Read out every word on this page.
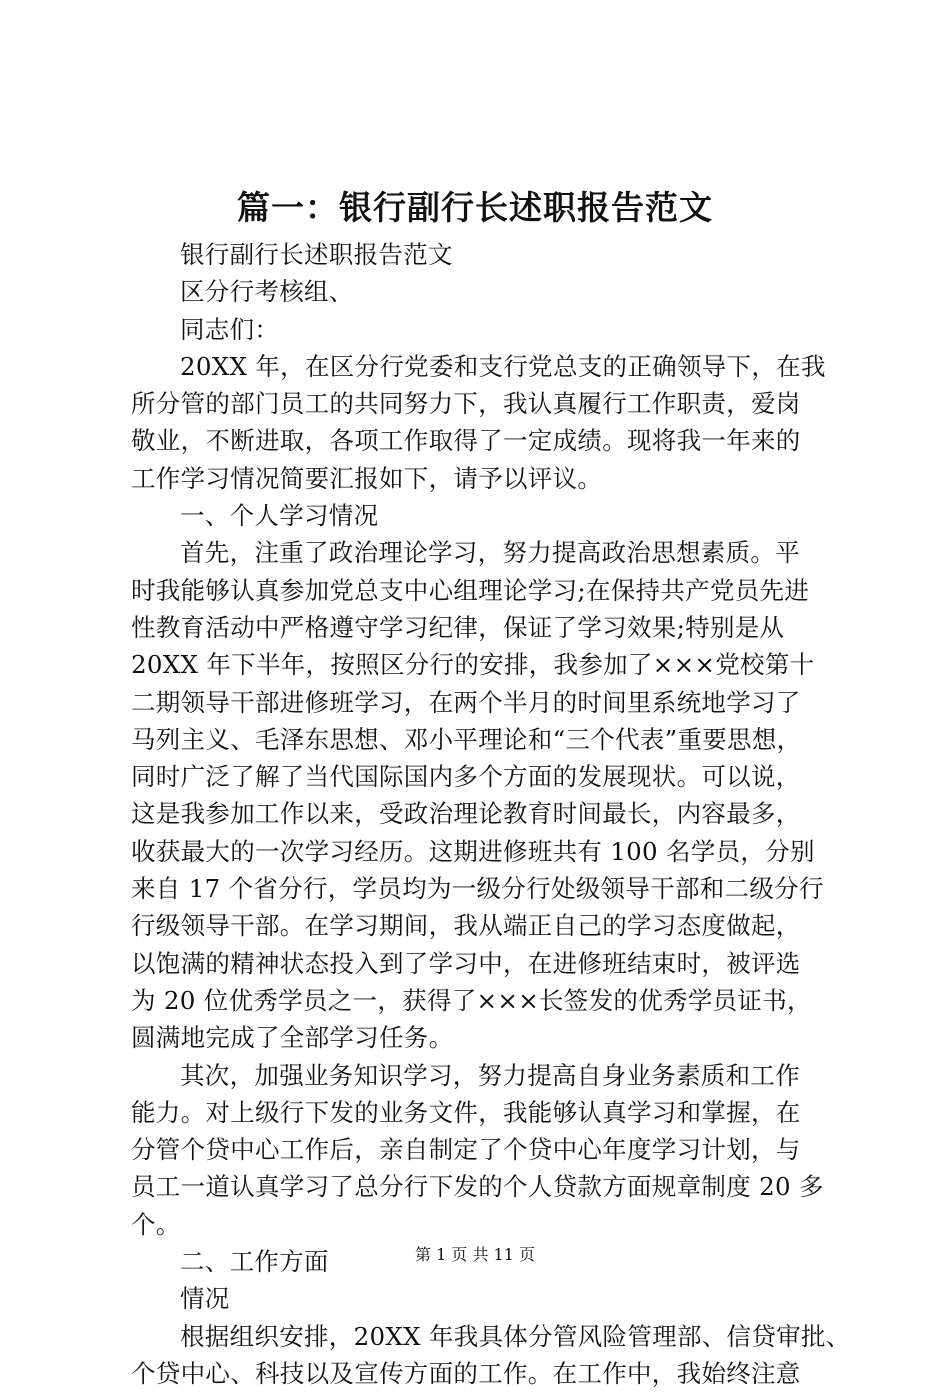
篇一：银行副行长述职报告范文
银行副行长述职报告范文
区分行考核组、
同志们：
20XX 年，在区分行党委和支行党总支的正确领导下，在我
所分管的部门员工的共同努力下，我认真履行工作职责，爱岗
敬业，不断进取，各项工作取得了一定成绩。现将我一年来的
工作学习情况简要汇报如下，请予以评议。
一、个人学习情况
首先，注重了政治理论学习，努力提高政治思想素质。平
时我能够认真参加党总支中心组理论学习;在保持共产党员先进
性教育活动中严格遵守学习纪律，保证了学习效果;特别是从
20XX 年下半年，按照区分行的安排，我参加了×××党校第十
二期领导干部进修班学习，在两个半月的时间里系统地学习了
马列主义、毛泽东思想、邓小平理论和“三个代表”重要思想，
同时广泛了解了当代国际国内多个方面的发展现状。可以说，
这是我参加工作以来，受政治理论教育时间最长，内容最多，
收获最大的一次学习经历。这期进修班共有 100 名学员，分别
来自 17 个省分行，学员均为一级分行处级领导干部和二级分行
行级领导干部。在学习期间，我从端正自己的学习态度做起，
以饱满的精神状态投入到了学习中，在进修班结束时，被评选
为 20 位优秀学员之一，获得了×××长签发的优秀学员证书，
圆满地完成了全部学习任务。
其次，加强业务知识学习，努力提高自身业务素质和工作
能力。对上级行下发的业务文件，我能够认真学习和掌握，在
分管个贷中心工作后，亲自制定了个贷中心年度学习计划，与
员工一道认真学习了总分行下发的个人贷款方面规章制度 20 多
个。
二、工作方面
情况
根据组织安排，20XX 年我具体分管风险管理部、信贷审批、
个贷中心、科技以及宣传方面的工作。在工作中，我始终注意
第 1 页 共 11 页
